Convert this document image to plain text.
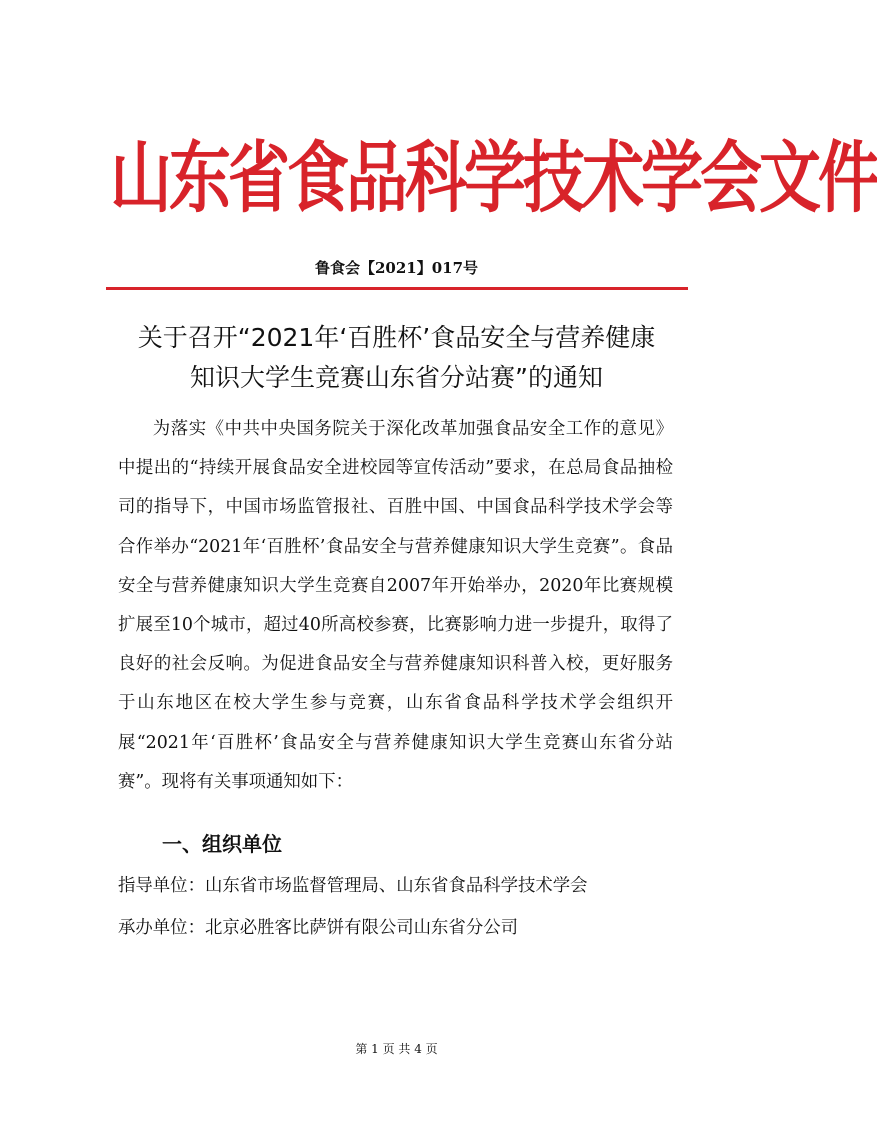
山东省食品科学技术学会文件
鲁食会【2021】017号
关于召开“2021年‘百胜杯’食品安全与营养健康
知识大学生竞赛山东省分站赛”的通知

为落实《中共中央国务院关于深化改革加强食品安全工作的意见》中提出的“持续开展食品安全进校园等宣传活动”要求，在总局食品抽检司的指导下，中国市场监管报社、百胜中国、中国食品科学技术学会等合作举办“2021年‘百胜杯’食品安全与营养健康知识大学生竞赛”。食品安全与营养健康知识大学生竞赛自2007年开始举办，2020年比赛规模扩展至10个城市，超过40所高校参赛，比赛影响力进一步提升，取得了良好的社会反响。为促进食品安全与营养健康知识科普入校，更好服务于山东地区在校大学生参与竞赛，山东省食品科学技术学会组织开展“2021年‘百胜杯’食品安全与营养健康知识大学生竞赛山东省分站赛”。现将有关事项通知如下：

一、组织单位

指导单位：山东省市场监督管理局、山东省食品科学技术学会

承办单位：北京必胜客比萨饼有限公司山东省分公司

第 1 页 共 4 页
